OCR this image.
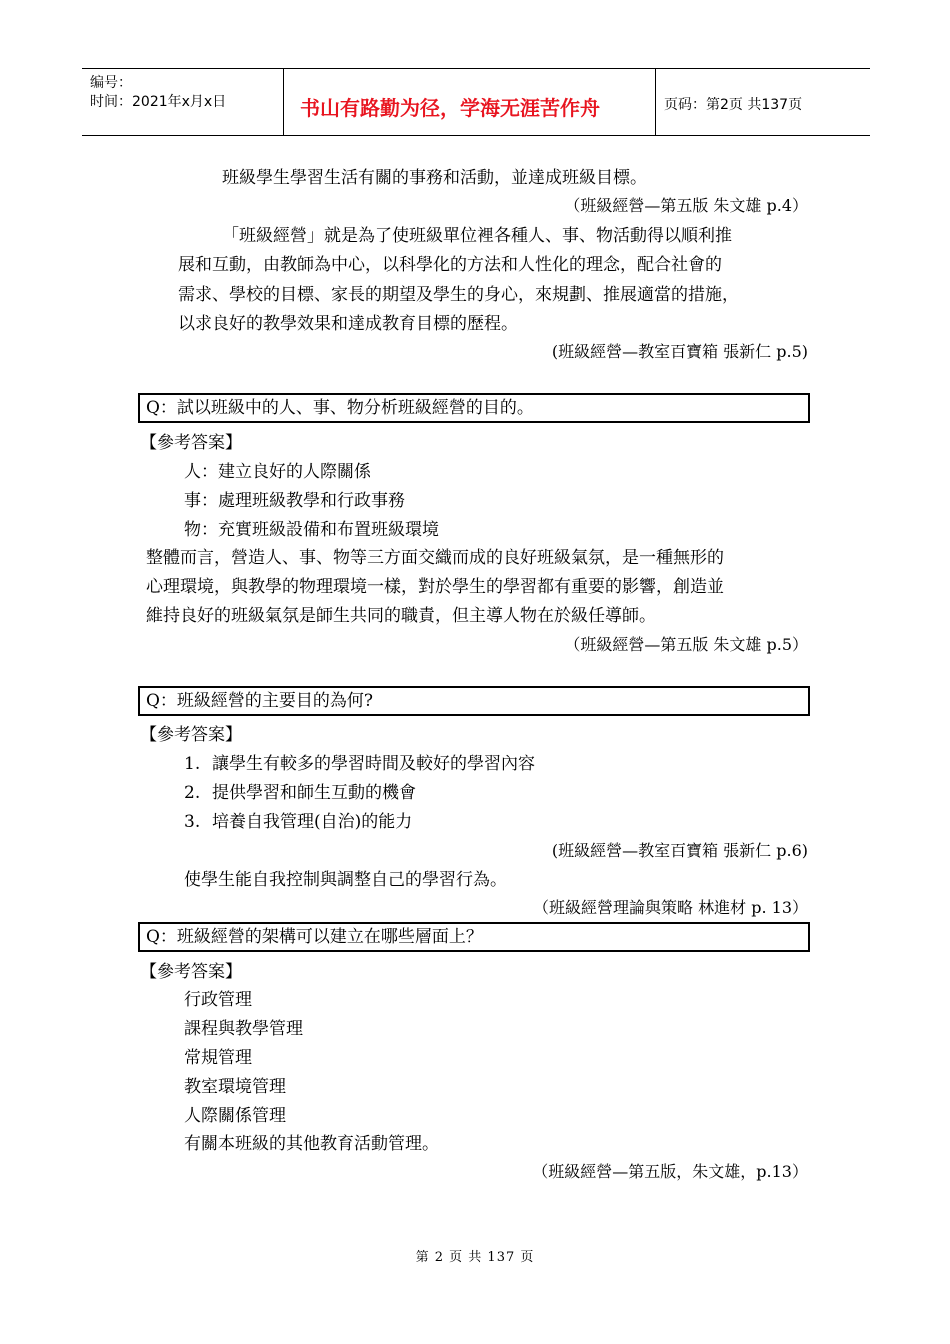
编号：
时间：2021年x月x日	书山有路勤为径，学海无涯苦作舟	页码：第2页 共137页
班級學生學習生活有關的事務和活動，並達成班級目標。
（班級經營—第五版 朱文雄 p.4）
「班級經營」就是為了使班級單位裡各種人、事、物活動得以順利推
展和互動，由教師為中心，以科學化的方法和人性化的理念，配合社會的
需求、學校的目標、家長的期望及學生的身心，來規劃、推展適當的措施，
以求良好的教學效果和達成教育目標的歷程。
(班級經營—教室百寶箱 張新仁 p.5)
Q：試以班級中的人、事、物分析班級經營的目的。
【參考答案】
人：建立良好的人際關係
事：處理班級教學和行政事務
物：充實班級設備和布置班級環境
整體而言，營造人、事、物等三方面交織而成的良好班級氣氛，是一種無形的
心理環境，與教學的物理環境一樣，對於學生的學習都有重要的影響，創造並
維持良好的班級氣氛是師生共同的職責，但主導人物在於級任導師。
（班級經營—第五版 朱文雄 p.5）
Q：班級經營的主要目的為何?
【參考答案】
1. 讓學生有較多的學習時間及較好的學習內容
2. 提供學習和師生互動的機會
3. 培養自我管理(自治)的能力
(班級經營—教室百寶箱 張新仁 p.6)
使學生能自我控制與調整自己的學習行為。
（班級經營理論與策略 林進材 p. 13）
Q：班級經營的架構可以建立在哪些層面上？
【參考答案】
行政管理
課程與教學管理
常規管理
教室環境管理
人際關係管理
有關本班級的其他教育活動管理。
（班級經營—第五版，朱文雄，p.13）
第 2 页 共 137 页
